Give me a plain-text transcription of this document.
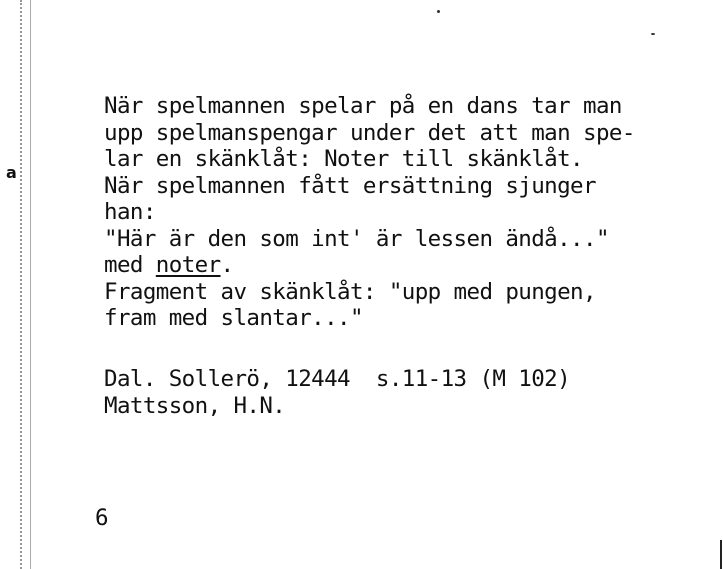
a
När spelmannen spelar på en dans tar man
upp spelmanspengar under det att man spe-
lar en skänklåt: Noter till skänklåt.
När spelmannen fått ersättning sjunger
han:
"Här är den som int' är lessen ändå..."
med noter.
Fragment av skänklåt: "upp med pungen,
fram med slantar..."
Dal. Sollerö, 12444  s.11-13 (M 102)
Mattsson, H.N.
6
